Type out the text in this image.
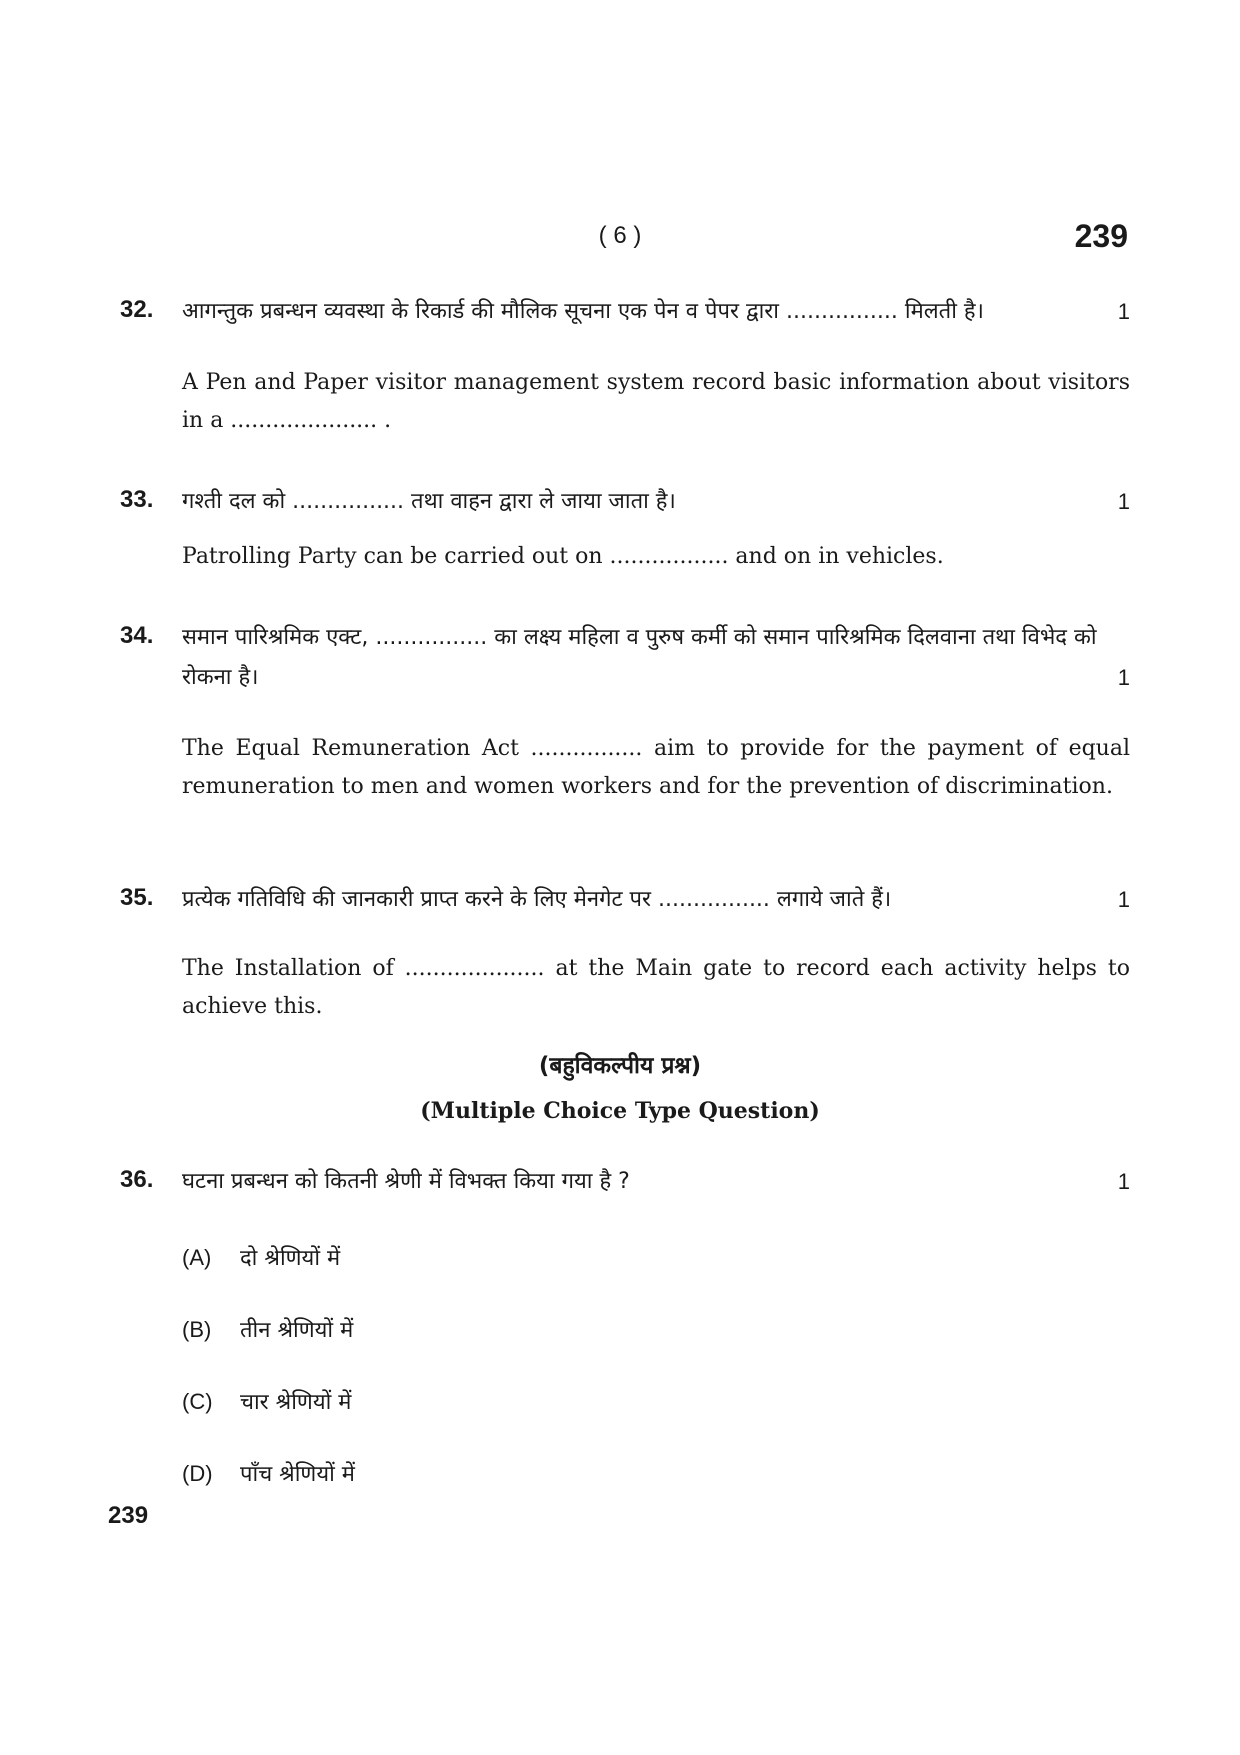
( 6 )	239
32. आगन्तुक प्रबन्धन व्यवस्था के रिकार्ड की मौलिक सूचना एक पेन व पेपर द्वारा ................ मिलती है।	1
A Pen and Paper visitor management system record basic information about visitors in a ..................... .
33. गश्ती दल को ................ तथा वाहन द्वारा ले जाया जाता है।	1
Patrolling Party can be carried out on ................. and on in vehicles.
34. समान पारिश्रमिक एक्ट, ................ का लक्ष्य महिला व पुरुष कर्मी को समान पारिश्रमिक दिलवाना तथा विभेद को रोकना है।	1
The Equal Remuneration Act ................ aim to provide for the payment of equal remuneration to men and women workers and for the prevention of discrimination.
35. प्रत्येक गतिविधि की जानकारी प्राप्त करने के लिए मेनगेट पर ................ लगाये जाते हैं।	1
The Installation of .................... at the Main gate to record each activity helps to achieve this.
(बहुविकल्पीय प्रश्न)
(Multiple Choice Type Question)
36. घटना प्रबन्धन को कितनी श्रेणी में विभक्त किया गया है ?	1
(A) दो श्रेणियों में
(B) तीन श्रेणियों में
(C) चार श्रेणियों में
(D) पाँच श्रेणियों में
239
